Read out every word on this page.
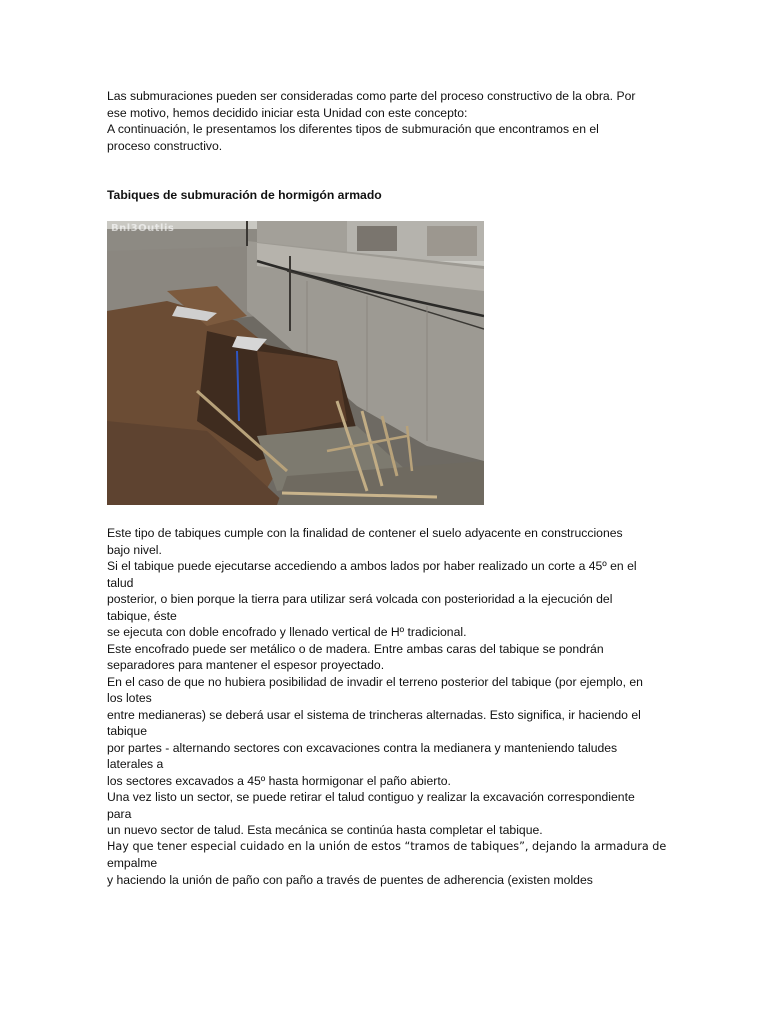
Las submuraciones pueden ser consideradas como parte del proceso constructivo de la obra. Por

ese motivo, hemos decidido iniciar esta Unidad con este concepto:

A continuación, le presentamos los diferentes tipos de submuración que encontramos en el

proceso constructivo.

Tabiques de submuración de hormigón armado
Bnl3Outlis

Este tipo de tabiques cumple con la finalidad de contener el suelo adyacente en construcciones

bajo nivel.

Si el tabique puede ejecutarse accediendo a ambos lados por haber realizado un corte a 45º en el

talud

posterior, o bien porque la tierra para utilizar será volcada con posterioridad a la ejecución del

tabique, éste

se ejecuta con doble encofrado y llenado vertical de Hº tradicional.

Este encofrado puede ser metálico o de madera. Entre ambas caras del tabique se pondrán

separadores para mantener el espesor proyectado.

En el caso de que no hubiera posibilidad de invadir el terreno posterior del tabique (por ejemplo, en

los lotes

entre medianeras) se deberá usar el sistema de trincheras alternadas. Esto significa, ir haciendo el

tabique

por partes - alternando sectores con excavaciones contra la medianera y manteniendo taludes

laterales a

los sectores excavados a 45º hasta hormigonar el paño abierto.

Una vez listo un sector, se puede retirar el talud contiguo y realizar la excavación correspondiente

para

un nuevo sector de talud. Esta mecánica se continúa hasta completar el tabique.

Hay que tener especial cuidado en la unión de estos “tramos de tabiques”, dejando la armadura de

empalme

y haciendo la unión de paño con paño a través de puentes de adherencia (existen moldes
